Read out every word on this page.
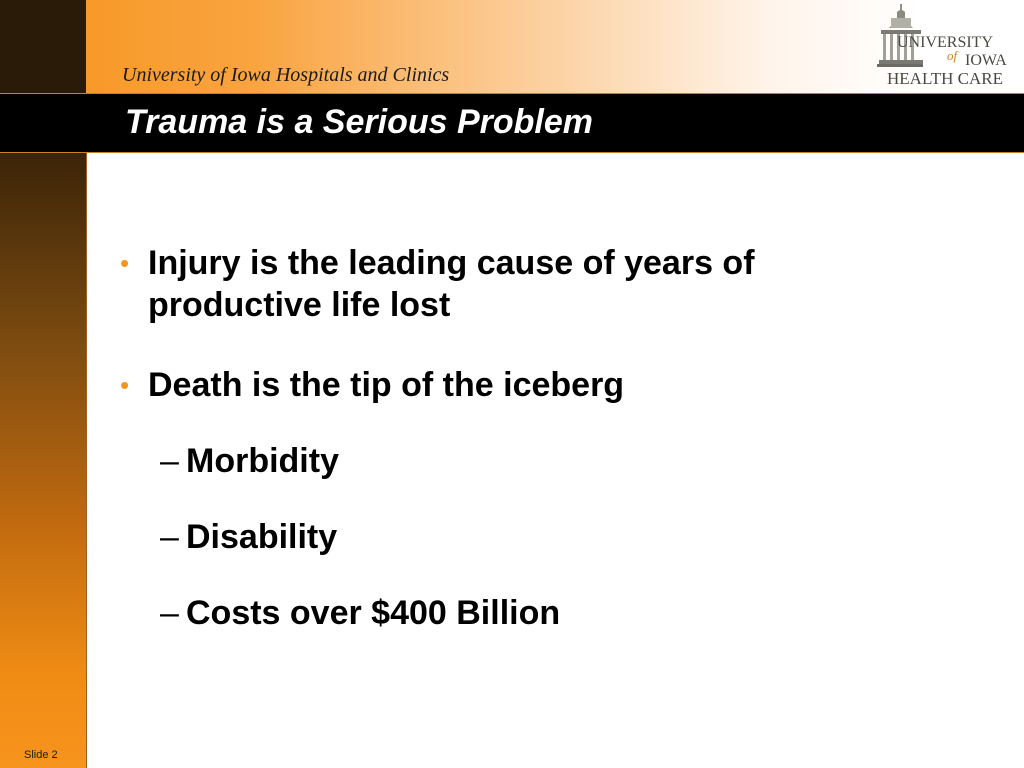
University of Iowa Hospitals and Clinics
UNIVERSITY
of IOWA
HEALTH CARE
Trauma is a Serious Problem
• Injury is the leading cause of years of productive life lost
• Death is the tip of the iceberg
– Morbidity
– Disability
– Costs over $400 Billion
Slide 2
